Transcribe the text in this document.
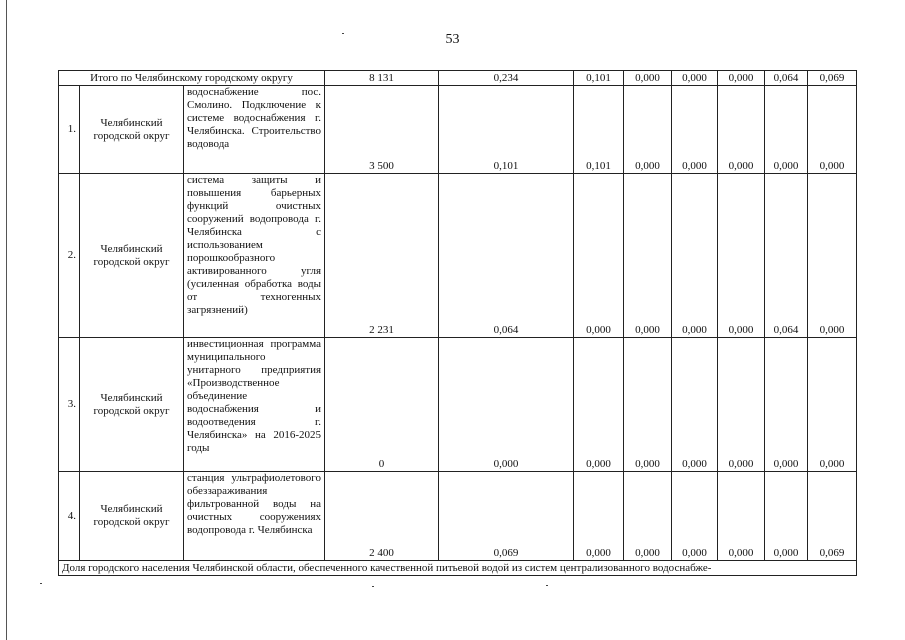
53
Итого по Челябинскому городскому округу			8 131	0,234	0,101	0,000	0,000	0,000	0,064	0,069
1.	Челябинский городской округ	водоснабжение пос. Смолино. Подключение к системе водоснабжения г. Челябинска. Строительство водовода	3 500	0,101	0,101	0,000	0,000	0,000	0,000	0,000
2.	Челябинский городской округ	система защиты и повышения барьерных функций очистных сооружений водопровода г. Челябинска с использованием порошкообразного активированного угля (усиленная обработка воды от техногенных загрязнений)	2 231	0,064	0,000	0,000	0,000	0,000	0,064	0,000
3.	Челябинский городской округ	инвестиционная программа муниципального унитарного предприятия «Производственное объединение водоснабжения и водоотведения г. Челябинска» на 2016-2025 годы	0	0,000	0,000	0,000	0,000	0,000	0,000	0,000
4.	Челябинский городской округ	станция ультрафиолетового обеззараживания фильтрованной воды на очистных сооружениях водопровода г. Челябинска	2 400	0,069	0,000	0,000	0,000	0,000	0,000	0,069
Доля городского населения Челябинской области, обеспеченного качественной питьевой водой из систем централизованного водоснабже-										
